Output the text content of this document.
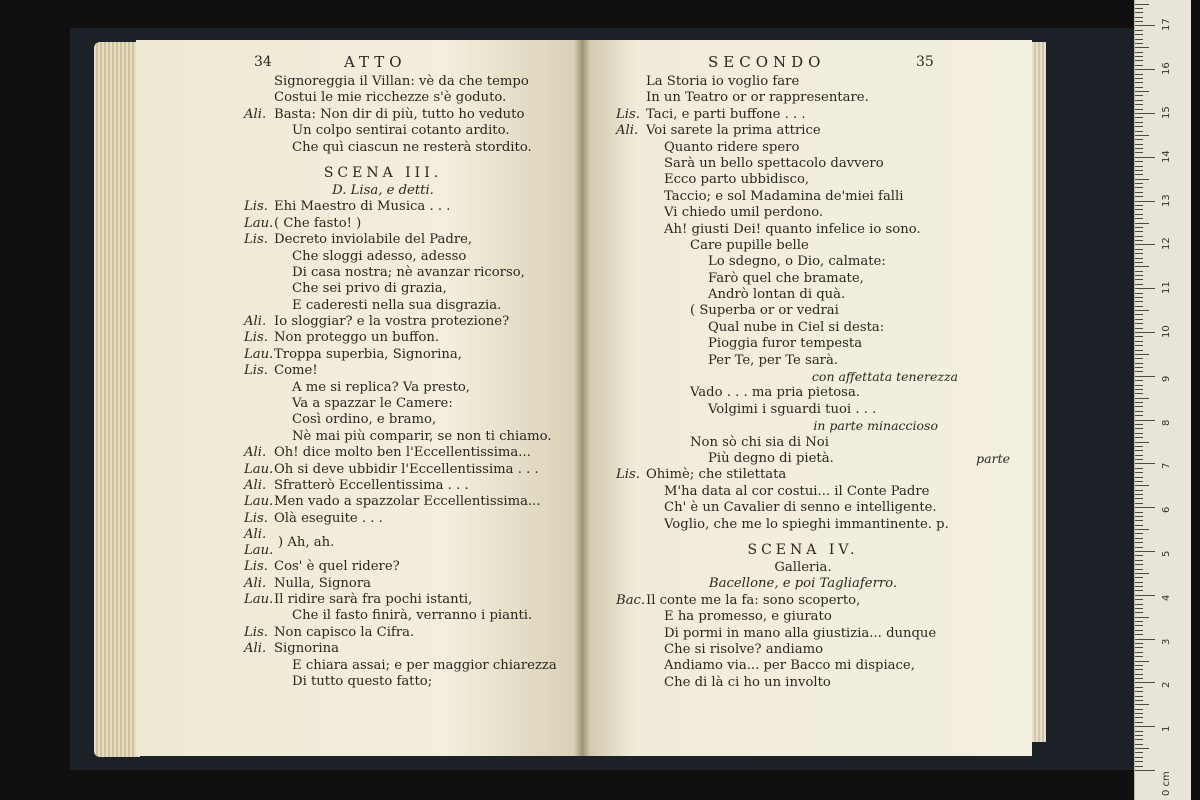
34	ATTO
Signoreggia il Villan: vè da che tempo
Costui le mie ricchezze s'è goduto.
Ali. Basta: Non dir di più, tutto ho veduto
Un colpo sentirai cotanto ardito.
Che quì ciascun ne resterà stordito.
SCENA III.
D. Lisa, e detti.
Lis. Ehi Maestro di Musica . . .
Lau.( Che fasto! )
Lis. Decreto inviolabile del Padre,
Che sloggi adesso, adesso
Di casa nostra; nè avanzar ricorso,
Che sei privo di grazia,
E caderesti nella sua disgrazia.
Ali. Io sloggiar? e la vostra protezione?
Lis. Non proteggo un buffon.
Lau.Troppa superbia, Signorina,
Lis. Come!
A me si replica? Va presto,
Va a spazzar le Camere:
Così ordino, e bramo,
Nè mai più comparir, se non ti chiamo.
Ali. Oh! dice molto ben l'Eccellentissima...
Lau.Oh si deve ubbidir l'Eccellentissima . . .
Ali. Sfratterò Eccellentissima . . .
Lau.Men vado a spazzolar Eccellentissima...
Lis. Olà eseguite . . .
Ali.
Lau.
) Ah, ah.
Lis. Cos' è quel ridere?
Ali. Nulla, Signora
Lau.Il ridire sarà fra pochi istanti,
Che il fasto finirà, verranno i pianti.
Lis. Non capisco la Cifra.
Ali. Signorina
E chiara assai; e per maggior chiarezza
Di tutto questo fatto;
SECONDO	35
La Storia io voglio fare
In un Teatro or or rappresentare.
Lis. Taci, e parti buffone . . .
Ali. Voi sarete la prima attrice
Quanto ridere spero
Sarà un bello spettacolo davvero
Ecco parto ubbidisco,
Taccio; e sol Madamina de'miei falli
Vi chiedo umil perdono.
Ah! giusti Dei! quanto infelice io sono.
Care pupille belle
Lo sdegno, o Dio, calmate:
Farò quel che bramate,
Andrò lontan di quà.
( Superba or or vedrai
Qual nube in Ciel si desta:
Pioggia furor tempesta
Per Te, per Te sarà.
con affettata tenerezza
Vado . . . ma pria pietosa.
Volgimi i sguardi tuoi . . .
in parte minaccioso
Non sò chi sia di Noi
Più degno di pietà.	parte
Lis. Ohimè; che stilettata
M'ha data al cor costui... il Conte Padre
Ch' è un Cavalier di senno e intelligente.
Voglio, che me lo spieghi immantinente. p.
SCENA IV.
Galleria.
Bacellone, e poi Tagliaferro.
Bac.Il conte me la fa: sono scoperto,
E ha promesso, e giurato
Di pormi in mano alla giustizia... dunque
Che si risolve? andiamo
Andiamo via... per Bacco mi dispiace,
Che di là ci ho un involto
0 cm
1
2
3
4
5
6
7
8
9
10
11
12
13
14
15
16
17
